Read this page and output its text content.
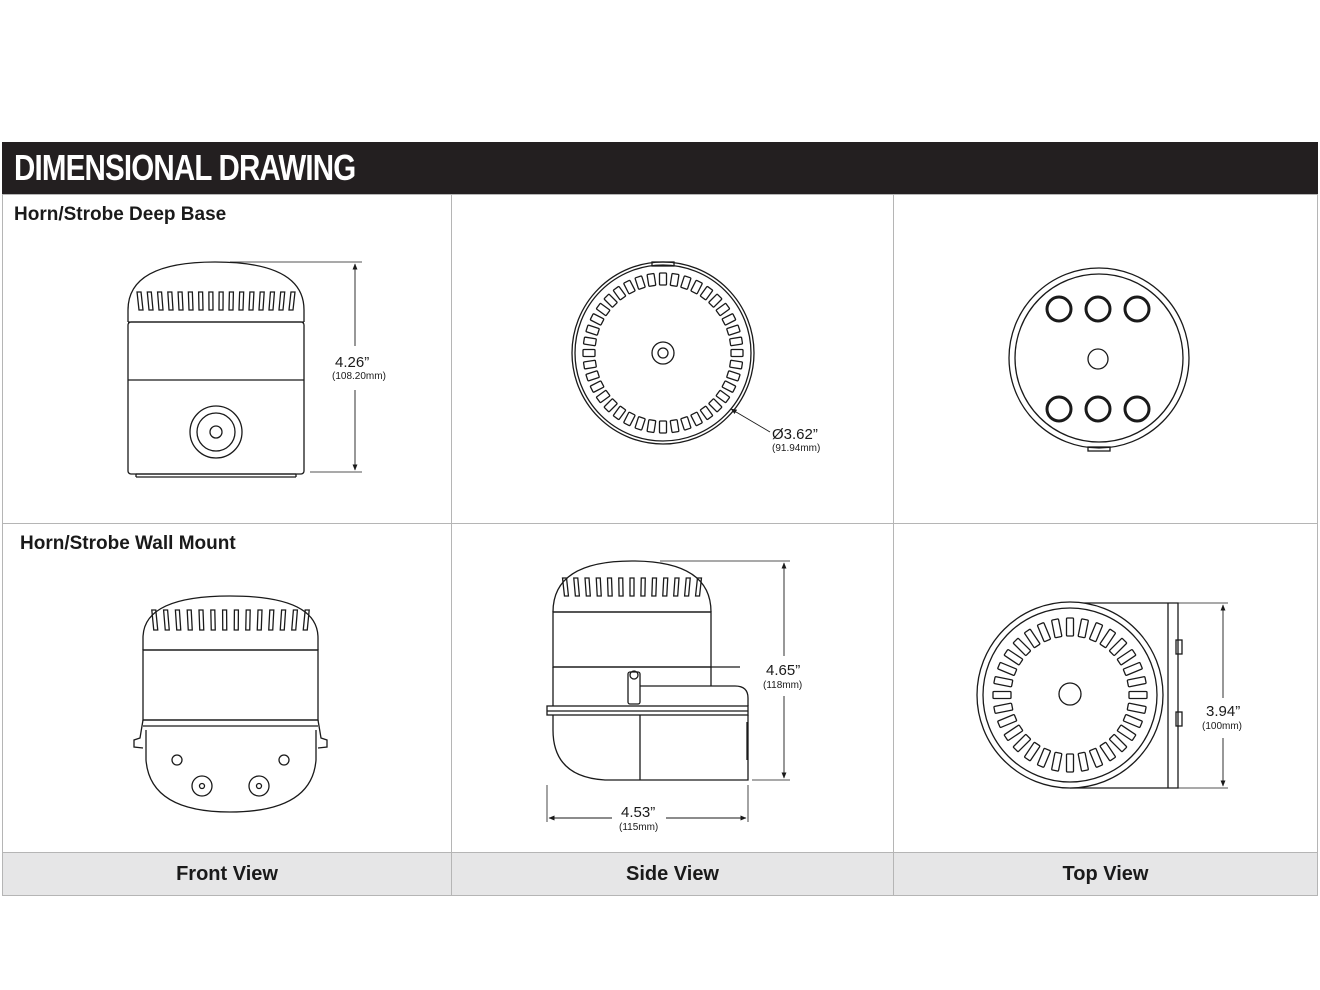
DIMENSIONAL DRAWING
Horn/Strobe Deep Base
Horn/Strobe Wall Mount
Front View	Side View	Top View
4.26”
(108.20mm)
Ø3.62”
(91.94mm)
4.65”
(118mm)
4.53”
(115mm)
3.94”
(100mm)
